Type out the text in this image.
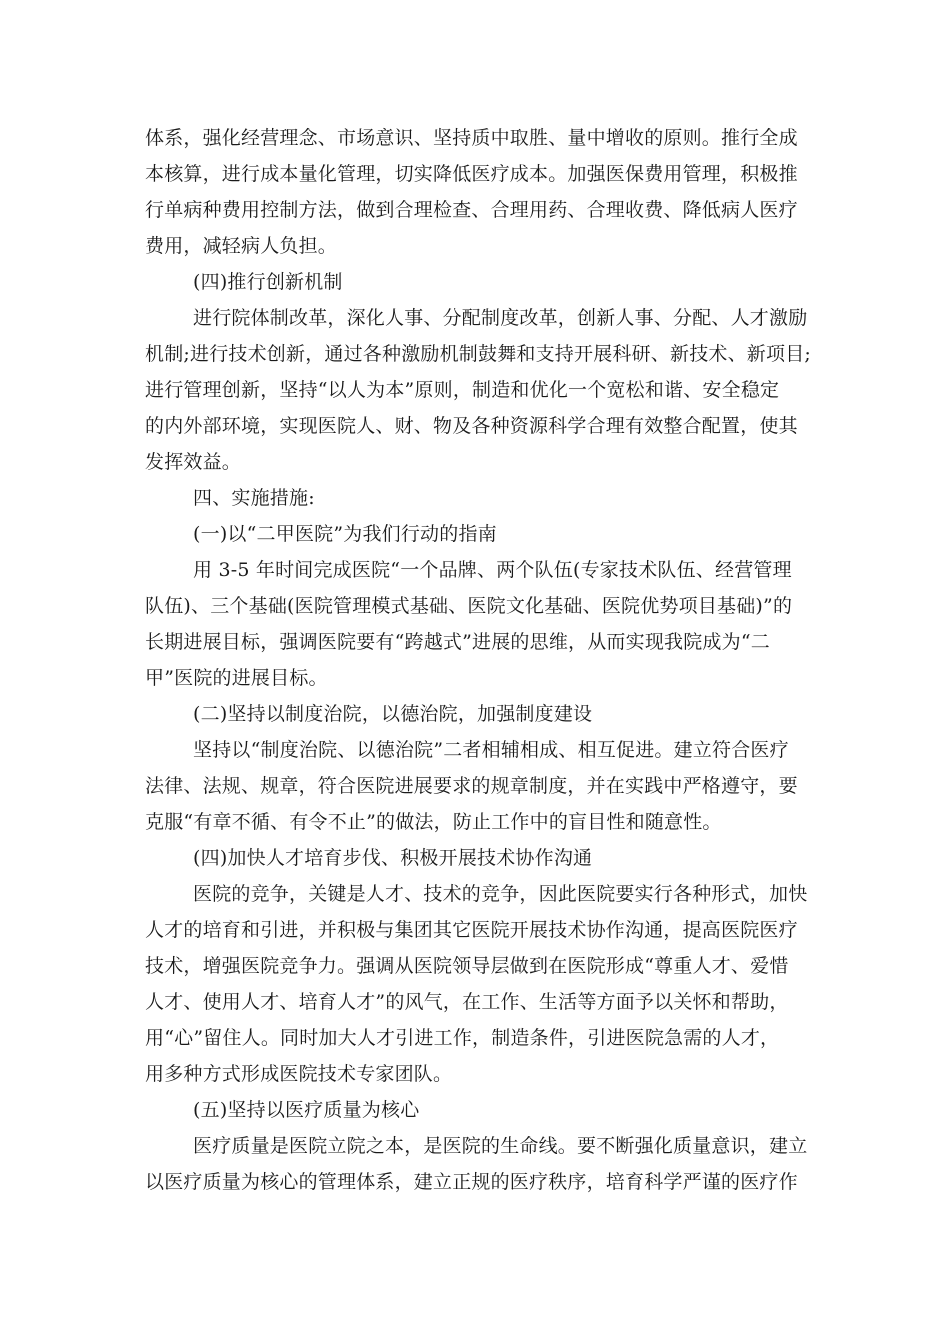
体系，强化经营理念、市场意识、坚持质中取胜、量中增收的原则。推行全成
本核算，进行成本量化管理，切实降低医疗成本。加强医保费用管理，积极推
行单病种费用控制方法，做到合理检查、合理用药、合理收费、降低病人医疗
费用，减轻病人负担。
(四)推行创新机制
进行院体制改革，深化人事、分配制度改革，创新人事、分配、人才激励
机制;进行技术创新，通过各种激励机制鼓舞和支持开展科研、新技术、新项目;
进行管理创新，坚持“以人为本”原则，制造和优化一个宽松和谐、安全稳定
的内外部环境，实现医院人、财、物及各种资源科学合理有效整合配置，使其
发挥效益。
四、实施措施:
(一)以“二甲医院”为我们行动的指南
用 3-5 年时间完成医院“一个品牌、两个队伍(专家技术队伍、经营管理
队伍)、三个基础(医院管理模式基础、医院文化基础、医院优势项目基础)”的
长期进展目标，强调医院要有“跨越式”进展的思维，从而实现我院成为“二
甲”医院的进展目标。
(二)坚持以制度治院，以德治院，加强制度建设
坚持以“制度治院、以德治院”二者相辅相成、相互促进。建立符合医疗
法律、法规、规章，符合医院进展要求的规章制度，并在实践中严格遵守，要
克服“有章不循、有令不止”的做法，防止工作中的盲目性和随意性。
(四)加快人才培育步伐、积极开展技术协作沟通
医院的竞争，关键是人才、技术的竞争，因此医院要实行各种形式，加快
人才的培育和引进，并积极与集团其它医院开展技术协作沟通，提高医院医疗
技术，增强医院竞争力。强调从医院领导层做到在医院形成“尊重人才、爱惜
人才、使用人才、培育人才”的风气，在工作、生活等方面予以关怀和帮助，
用“心”留住人。同时加大人才引进工作，制造条件，引进医院急需的人才，
用多种方式形成医院技术专家团队。
(五)坚持以医疗质量为核心
医疗质量是医院立院之本，是医院的生命线。要不断强化质量意识，建立
以医疗质量为核心的管理体系，建立正规的医疗秩序，培育科学严谨的医疗作
